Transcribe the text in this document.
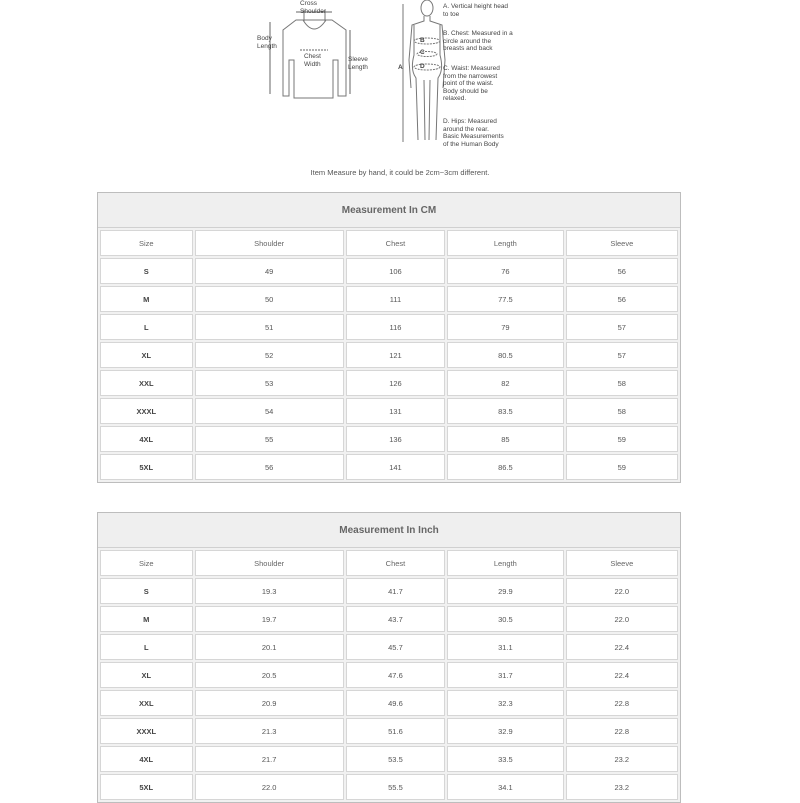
Cross
Shoulder
Body
Length
Chest
Width
Sleeve
Length	A
B
C
D
A. Vertical height head
to toe
B. Chest: Measured in a
circle around the
breasts and back
C. Waist: Measured
from the narrowest
point of the waist.
Body should be
relaxed.
D. Hips: Measured
around the rear.
Basic Measurements
of the Human Body
Item Measure by hand, it could be 2cm~3cm different.
Measurement In CM
Size	Shoulder	Chest	Length	Sleeve
S	49	106	76	56
M	50	111	77.5	56
L	51	116	79	57
XL	52	121	80.5	57
XXL	53	126	82	58
XXXL	54	131	83.5	58
4XL	55	136	85	59
5XL	56	141	86.5	59
Measurement In Inch
Size	Shoulder	Chest	Length	Sleeve
S	19.3	41.7	29.9	22.0
M	19.7	43.7	30.5	22.0
L	20.1	45.7	31.1	22.4
XL	20.5	47.6	31.7	22.4
XXL	20.9	49.6	32.3	22.8
XXXL	21.3	51.6	32.9	22.8
4XL	21.7	53.5	33.5	23.2
5XL	22.0	55.5	34.1	23.2
